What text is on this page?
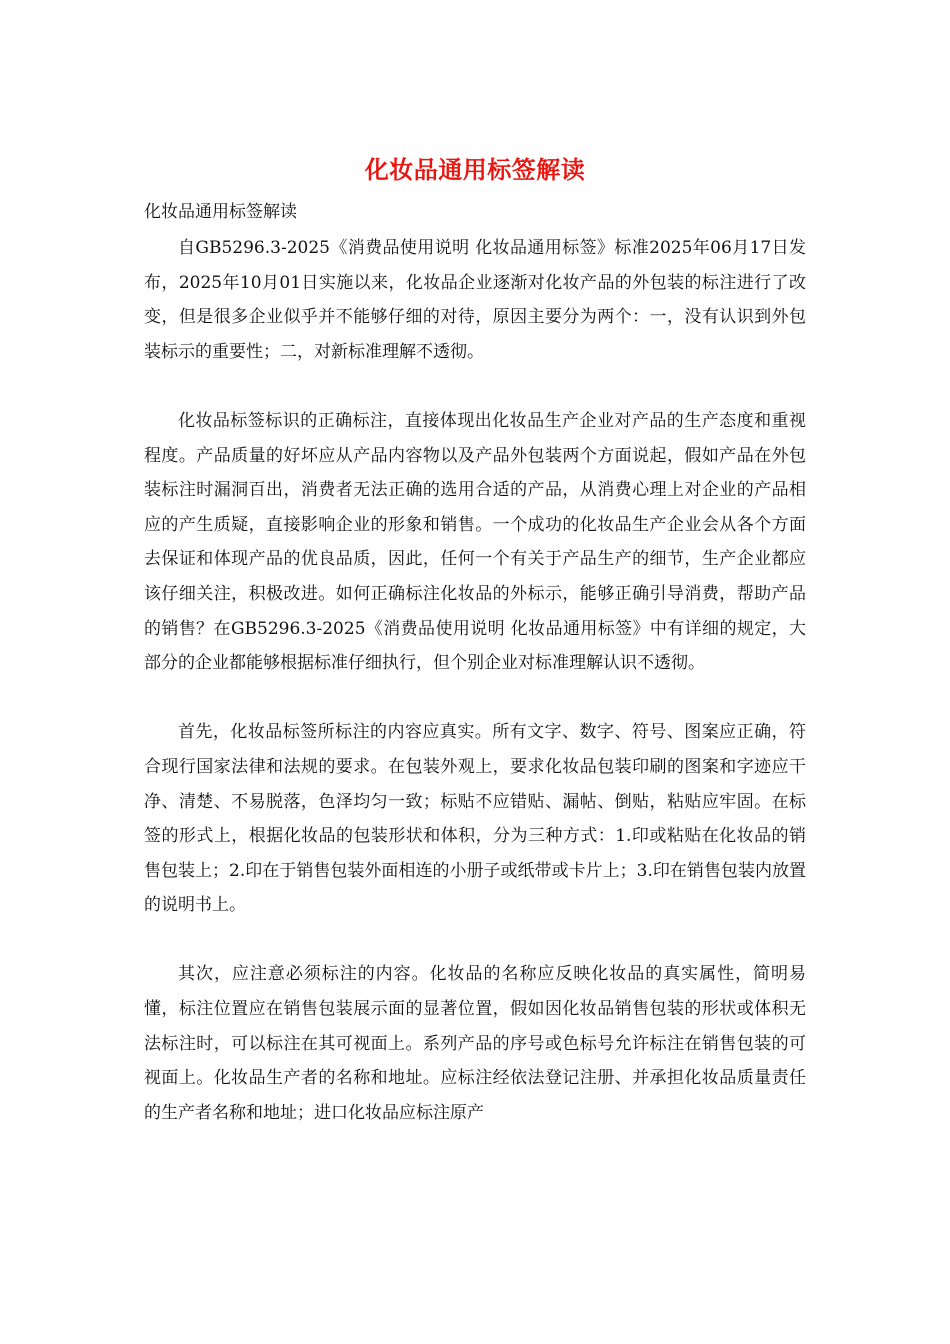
化妆品通用标签解读
化妆品通用标签解读

自GB5296.3-2025《消费品使用说明 化妆品通用标签》标准2025年06月17日发布，2025年10月01日实施以来，化妆品企业逐渐对化妆产品的外包装的标注进行了改变，但是很多企业似乎并不能够仔细的对待，原因主要分为两个：一，没有认识到外包装标示的重要性；二，对新标准理解不透彻。

化妆品标签标识的正确标注，直接体现出化妆品生产企业对产品的生产态度和重视程度。产品质量的好坏应从产品内容物以及产品外包装两个方面说起，假如产品在外包装标注时漏洞百出，消费者无法正确的选用合适的产品，从消费心理上对企业的产品相应的产生质疑，直接影响企业的形象和销售。一个成功的化妆品生产企业会从各个方面去保证和体现产品的优良品质，因此，任何一个有关于产品生产的细节，生产企业都应该仔细关注，积极改进。如何正确标注化妆品的外标示，能够正确引导消费，帮助产品的销售？在GB5296.3-2025《消费品使用说明 化妆品通用标签》中有详细的规定，大部分的企业都能够根据标准仔细执行，但个别企业对标准理解认识不透彻。

首先，化妆品标签所标注的内容应真实。所有文字、数字、符号、图案应正确，符合现行国家法律和法规的要求。在包装外观上，要求化妆品包装印刷的图案和字迹应干净、清楚、不易脱落，色泽均匀一致；标贴不应错贴、漏帖、倒贴，粘贴应牢固。在标签的形式上，根据化妆品的包装形状和体积，分为三种方式：1.印或粘贴在化妆品的销售包装上；2.印在于销售包装外面相连的小册子或纸带或卡片上；3.印在销售包装内放置的说明书上。

其次，应注意必须标注的内容。化妆品的名称应反映化妆品的真实属性，简明易懂，标注位置应在销售包装展示面的显著位置，假如因化妆品销售包装的形状或体积无法标注时，可以标注在其可视面上。系列产品的序号或色标号允许标注在销售包装的可视面上。化妆品生产者的名称和地址。应标注经依法登记注册、并承担化妆品质量责任的生产者名称和地址；进口化妆品应标注原产
